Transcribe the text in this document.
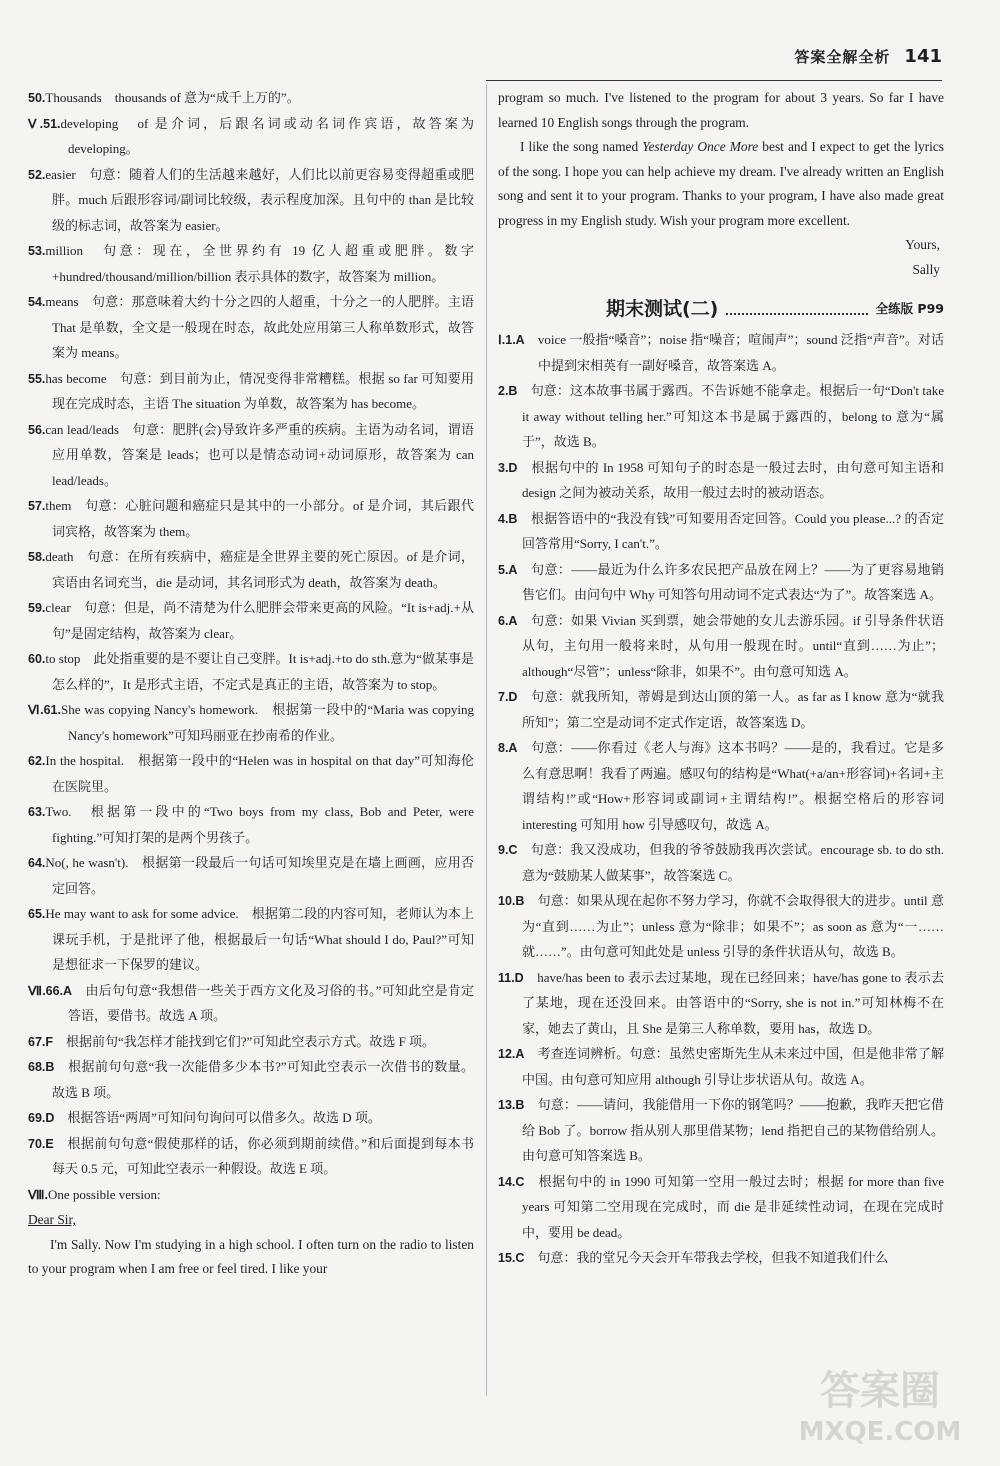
答案全解全析 141

50.Thousands　thousands of 意为“成千上万的”。

Ⅴ.51.developing　of 是介词，后跟名词或动名词作宾语，故答案为 developing。

52.easier　句意：随着人们的生活越来越好，人们比以前更容易变得超重或肥胖。much 后跟形容词/副词比较级，表示程度加深。且句中的 than 是比较级的标志词，故答案为 easier。

53.million　句意：现在，全世界约有 19 亿人超重或肥胖。数字+hundred/thousand/million/billion 表示具体的数字，故答案为 million。

54.means　句意：那意味着大约十分之四的人超重，十分之一的人肥胖。主语 That 是单数，全文是一般现在时态，故此处应用第三人称单数形式，故答案为 means。

55.has become　句意：到目前为止，情况变得非常糟糕。根据 so far 可知要用现在完成时态，主语 The situation 为单数，故答案为 has become。

56.can lead/leads　句意：肥胖(会)导致许多严重的疾病。主语为动名词，谓语应用单数，答案是 leads；也可以是情态动词+动词原形，故答案为 can lead/leads。

57.them　句意：心脏问题和癌症只是其中的一小部分。of 是介词，其后跟代词宾格，故答案为 them。

58.death　句意：在所有疾病中，癌症是全世界主要的死亡原因。of 是介词，宾语由名词充当，die 是动词，其名词形式为 death，故答案为 death。

59.clear　句意：但是，尚不清楚为什么肥胖会带来更高的风险。“It is+adj.+从句”是固定结构，故答案为 clear。

60.to stop　此处指重要的是不要让自己变胖。It is+adj.+to do sth.意为“做某事是怎么样的”，It 是形式主语，不定式是真正的主语，故答案为 to stop。

Ⅵ.61.She was copying Nancy's homework.　根据第一段中的“Maria was copying Nancy's homework”可知玛丽亚在抄南希的作业。

62.In the hospital.　根据第一段中的“Helen was in hospital on that day”可知海伦在医院里。

63.Two.　根据第一段中的“Two boys from my class, Bob and Peter, were fighting.”可知打架的是两个男孩子。

64.No(, he wasn't).　根据第一段最后一句话可知埃里克是在墙上画画，应用否定回答。

65.He may want to ask for some advice.　根据第二段的内容可知，老师认为本上课玩手机，于是批评了他，根据最后一句话“What should I do, Paul?”可知是想征求一下保罗的建议。

Ⅶ.66.A　由后句句意“我想借一些关于西方文化及习俗的书。”可知此空是肯定答语，要借书。故选 A 项。

67.F　根据前句“我怎样才能找到它们?”可知此空表示方式。故选 F 项。

68.B　根据前句句意“我一次能借多少本书?”可知此空表示一次借书的数量。故选 B 项。

69.D　根据答语“两周”可知问句询问可以借多久。故选 D 项。

70.E　根据前句句意“假使那样的话，你必须到期前续借。”和后面提到每本书每天 0.5 元，可知此空表示一种假设。故选 E 项。

Ⅷ.One possible version:

Dear Sir,

I'm Sally. Now I'm studying in a high school. I often turn on the radio to listen to your program when I am free or feel tired. I like your

program so much. I've listened to the program for about 3 years. So far I have learned 10 English songs through the program.

I like the song named Yesterday Once More best and I expect to get the lyrics of the song. I hope you can help achieve my dream. I've already written an English song and sent it to your program. Thanks to your program, I have also made great progress in my English study. Wish your program more excellent.

Yours,

Sally

期末测试(二)	全练版 P99

Ⅰ.1.A　voice 一般指“嗓音”；noise 指“噪音；喧闹声”；sound 泛指“声音”。对话中提到宋相英有一副好嗓音，故答案选 A。

2.B　句意：这本故事书属于露西。不告诉她不能拿走。根据后一句“Don't take it away without telling her.”可知这本书是属于露西的，belong to 意为“属于”，故选 B。

3.D　根据句中的 In 1958 可知句子的时态是一般过去时，由句意可知主语和 design 之间为被动关系，故用一般过去时的被动语态。

4.B　根据答语中的“我没有钱”可知要用否定回答。Could you please...? 的否定回答常用“Sorry, I can't.”。

5.A　句意：——最近为什么许多农民把产品放在网上？——为了更容易地销售它们。由问句中 Why 可知答句用动词不定式表达“为了”。故答案选 A。

6.A　句意：如果 Vivian 买到票，她会带她的女儿去游乐园。if 引导条件状语从句，主句用一般将来时，从句用一般现在时。until“直到……为止”；although“尽管”；unless“除非，如果不”。由句意可知选 A。

7.D　句意：就我所知，蒂姆是到达山顶的第一人。as far as I know 意为“就我所知”；第二空是动词不定式作定语，故答案选 D。

8.A　句意：——你看过《老人与海》这本书吗？——是的，我看过。它是多么有意思啊！我看了两遍。感叹句的结构是“What(+a/an+形容词)+名词+主谓结构!”或“How+形容词或副词+主谓结构!”。根据空格后的形容词 interesting 可知用 how 引导感叹句，故选 A。

9.C　句意：我又没成功，但我的爷爷鼓励我再次尝试。encourage sb. to do sth.意为“鼓励某人做某事”，故答案选 C。

10.B　句意：如果从现在起你不努力学习，你就不会取得很大的进步。until 意为“直到……为止”；unless 意为“除非；如果不”；as soon as 意为“一……就……”。由句意可知此处是 unless 引导的条件状语从句，故选 B。

11.D　have/has been to 表示去过某地，现在已经回来；have/has gone to 表示去了某地，现在还没回来。由答语中的“Sorry, she is not in.”可知林梅不在家，她去了黄山，且 She 是第三人称单数，要用 has，故选 D。

12.A　考查连词辨析。句意：虽然史密斯先生从未来过中国，但是他非常了解中国。由句意可知应用 although 引导让步状语从句。故选 A。

13.B　句意：——请问，我能借用一下你的钢笔吗？——抱歉，我昨天把它借给 Bob 了。borrow 指从别人那里借某物；lend 指把自己的某物借给别人。由句意可知答案选 B。

14.C　根据句中的 in 1990 可知第一空用一般过去时；根据 for more than five years 可知第二空用现在完成时，而 die 是非延续性动词，在现在完成时中，要用 be dead。

15.C　句意：我的堂兄今天会开车带我去学校，但我不知道我们什么

答案圈
MXQE.COM
